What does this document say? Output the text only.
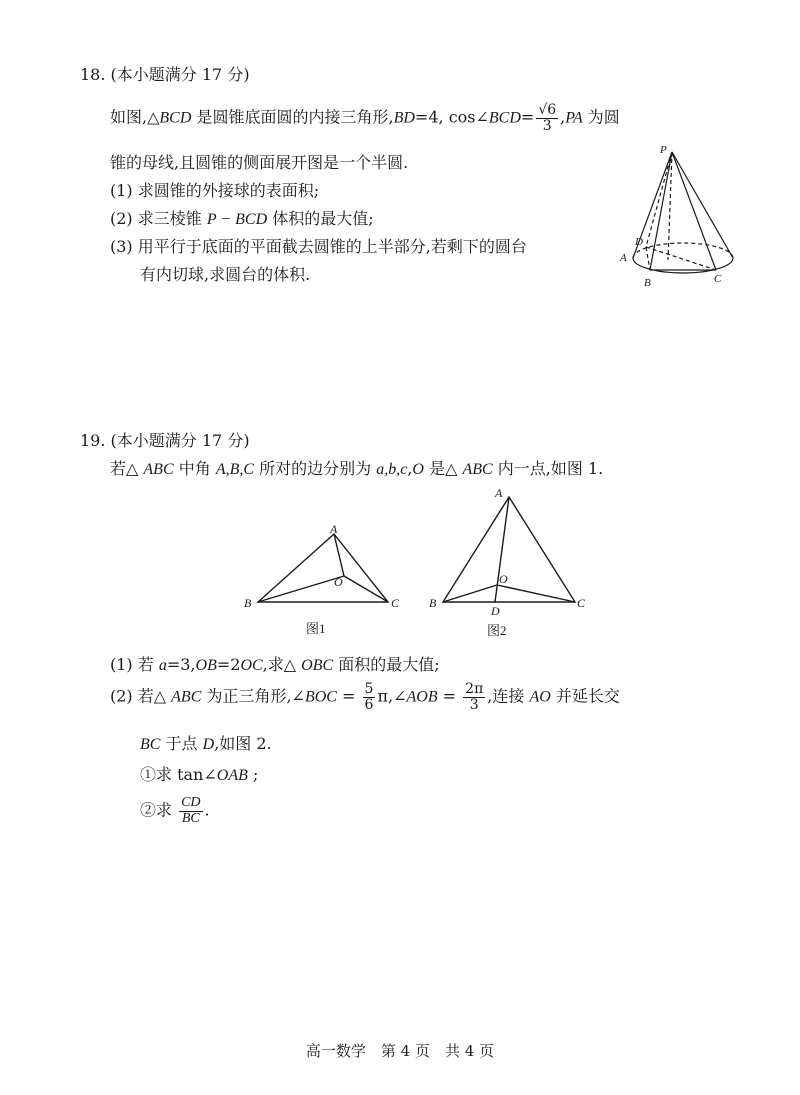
18. (本小题满分 17 分)
如图,△BCD 是圆锥底面圆的内接三角形,BD=4, cos∠BCD= $\frac{√6}{3} ,PA$ 为圆
锥的母线,且圆锥的侧面展开图是一个半圆.
(1) 求圆锥的外接球的表面积;
(2) 求三棱锥 P − BCD 体积的最大值;
(3) 用平行于底面的平面截去圆锥的上半部分,若剩下的圆台
有内切球,求圆台的体积.
P
D
A
B	C
19. (本小题满分 17 分)
若△ ABC 中角 A,B,C 所对的边分别为 a,b,c,O 是△ ABC 内一点,如图 1.
A
B	C
O
图1
A
B	C
O
D
图2
(1) 若 a=3,OB=2OC,求△ OBC 面积的最大值;
(2) 若△ ABC 为正三角形,∠BOC = $\frac{5}{6}$ π,∠AOB = $\frac{2\pi}{3}$ ,连接 AO 并延长交
BC 于点 D,如图 2.
①求 tan∠OAB ;
②求 $\frac{CD}{BC}$ .
高一数学　第 4 页　共 4 页
